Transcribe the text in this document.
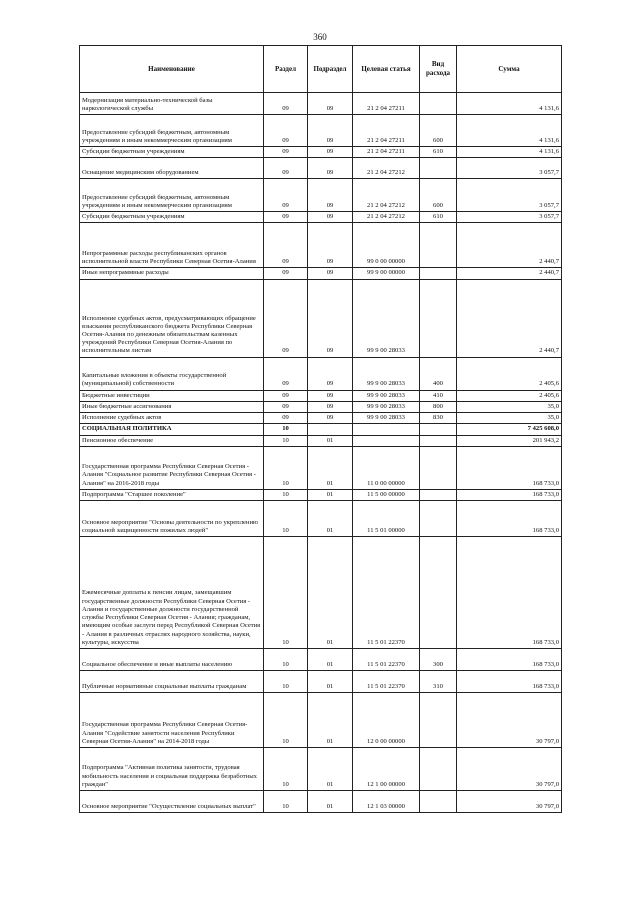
360
Наименование	Раздел	Подраздел	Целевая статья	Вид расхода	Сумма
Модернизация материально-технической базы наркологической службы	09	09	21 2 04 27211		4 131,6
Предоставление субсидий бюджетным, автономным учреждениям и иным некоммерческим организациям	09	09	21 2 04 27211	600	4 131,6
Субсидии бюджетным учреждениям	09	09	21 2 04 27211	610	4 131,6
Оснащение медицинским оборудованием	09	09	21 2 04 27212		3 057,7
Предоставление субсидий бюджетным, автономным учреждениям и иным некоммерческим организациям	09	09	21 2 04 27212	600	3 057,7
Субсидии бюджетным учреждениям	09	09	21 2 04 27212	610	3 057,7
Непрограммные расходы республиканских органов исполнительной власти Республики Северная Осетия-Алания	09	09	99 0 00 00000		2 440,7
Иные непрограммные расходы	09	09	99 9 00 00000		2 440,7
Исполнение судебных актов, предусматривающих обращение взыскания республиканского бюджета Республики Северная Осетия-Алания по денежным обязательствам казенных учреждений Республики Северная Осетия-Алания по исполнительным листам	09	09	99 9 00 28033		2 440,7
Капитальные вложения в объекты государственной (муниципальной) собственности	09	09	99 9 00 28033	400	2 405,6
Бюджетные инвестиции	09	09	99 9 00 28033	410	2 405,6
Иные бюджетные ассигнования	09	09	99 9 00 28033	800	35,0
Исполнение судебных актов	09	09	99 9 00 28033	830	35,0
СОЦИАЛЬНАЯ ПОЛИТИКА	10				7 425 608,0
Пенсионное обеспечение	10	01			201 943,2
Государственная программа Республики Северная Осетия - Алания "Социальное развитие Республики Северная Осетия - Алания" на 2016-2018 годы	10	01	11 0 00 00000		168 733,0
Подпрограмма "Старшее поколение"	10	01	11 5 00 00000		168 733,0
Основное мероприятие "Основы деятельности по укреплению социальной защищенности пожилых людей"	10	01	11 5 01 00000		168 733,0
Ежемесячные доплаты к пенсии лицам, замещавшим государственные должности Республики Северная Осетия - Алания и государственные должности государственной службы Республики Северная Осетия - Алания; гражданам, имеющим особые заслуги перед Республикой Северная Осетия - Алания в различных отраслях народного хозяйства, науки, культуры, искусства	10	01	11 5 01 22370		168 733,0
Социальное обеспечение и иные выплаты населению	10	01	11 5 01 22370	300	168 733,0
Публичные нормативные социальные выплаты гражданам	10	01	11 5 01 22370	310	168 733,0
Государственная программа Республики Северная Осетия-Алания "Содействие занятости населения Республики Северная Осетия-Алания" на 2014-2018 годы	10	01	12 0 00 00000		30 797,0
Подпрограмма "Активная политика занятости, трудовая мобильность населения и социальная поддержка безработных граждан"	10	01	12 1 00 00000		30 797,0
Основное мероприятие "Осуществление социальных выплат"	10	01	12 1 03 00000		30 797,0
